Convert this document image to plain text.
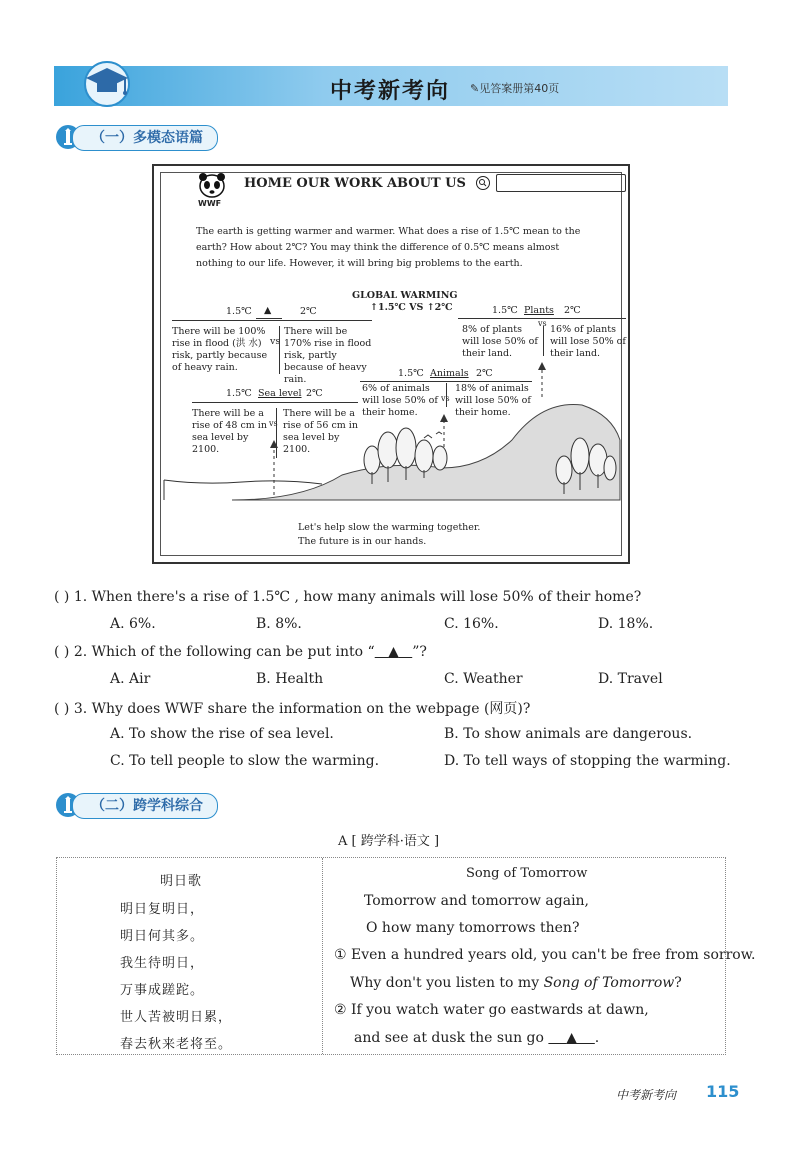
中考新考向 ✎见答案册第40页
（一）多模态语篇
WWF
HOME OUR WORK ABOUT US
The earth is getting warmer and warmer. What does a rise of 1.5℃ mean to the earth? How about 2℃? You may think the difference of 0.5℃ means almost nothing to our life. However, it will bring big problems to the earth.
GLOBAL WARMING
↑1.5℃ VS ↑2℃
1.5℃ ▲	2℃
There will be 100% rise in flood (洪 水) risk, partly because of heavy rain.
vs
There will be 170% rise in flood risk, partly because of heavy rain.
1.5℃ Plants 2℃
8% of plants will lose 50% of their land.
vs
16% of plants will lose 50% of their land.
1.5℃ Animals 2℃
6% of animals will lose 50% of their home.
vs
18% of animals will lose 50% of their home.
1.5℃ Sea level 2℃
There will be a rise of 48 cm in sea level by 2100.
vs
There will be a rise of 56 cm in sea level by 2100.
Let's help slow the warming together.
The future is in our hands.
( ) 1. When there's a rise of 1.5℃ , how many animals will lose 50% of their home?
A. 6%.	B. 8%.	C. 16%.	D. 18%.
( ) 2. Which of the following can be put into “ ▲ ”?
A. Air	B. Health	C. Weather	D. Travel
( ) 3. Why does WWF share the information on the webpage (网页)?
A. To show the rise of sea level.	B. To show animals are dangerous.
C. To tell people to slow the warming.	D. To tell ways of stopping the warming.
（二）跨学科综合
A [ 跨学科·语文 ]
明日歌
明日复明日，
明日何其多。
我生待明日，
万事成蹉跎。
世人苦被明日累，
春去秋来老将至。
Song of Tomorrow
Tomorrow and tomorrow again,
O how many tomorrows then?
① Even a hundred years old, you can't be free from sorrow.
Why don't you listen to my Song of Tomorrow?
② If you watch water go eastwards at dawn,
and see at dusk the sun go     ▲ .
中考新考向 115
